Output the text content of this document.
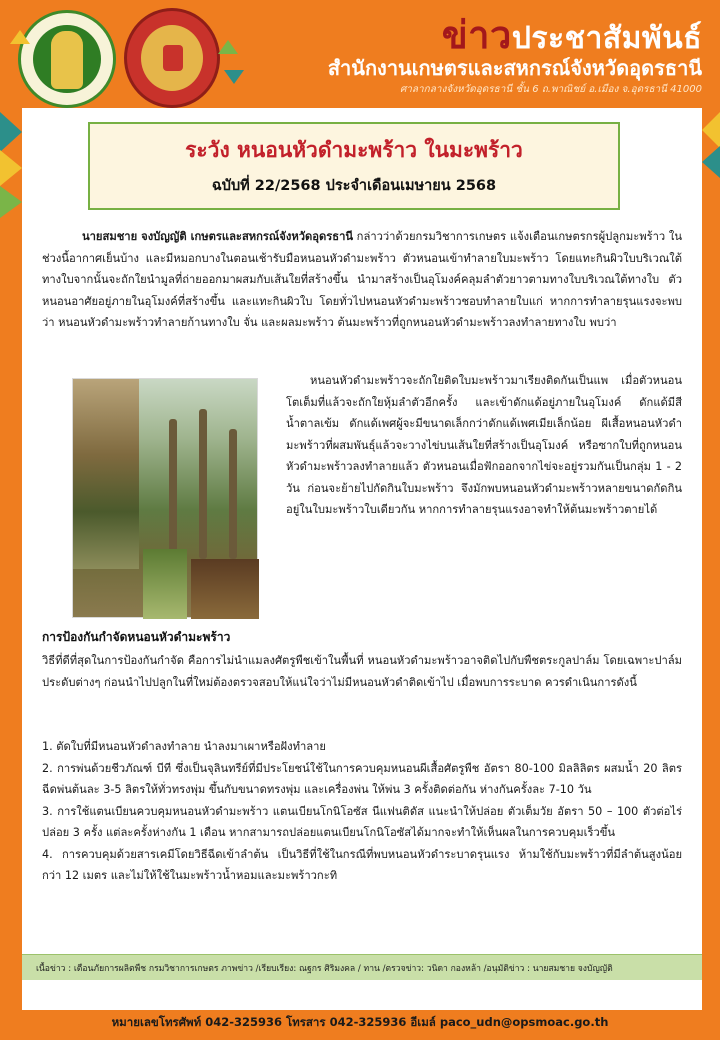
ข่าวประชาสัมพันธ์
สำนักงานเกษตรและสหกรณ์จังหวัดอุดรธานี
ศาลากลางจังหวัดอุดรธานี ชั้น 6 ถ.พาณิชย์ อ.เมือง จ.อุดรธานี 41000
ระวัง หนอนหัวดำมะพร้าว ในมะพร้าว
ฉบับที่ 22/2568 ประจำเดือนเมษายน 2568
นายสมชาย จงบัญญัติ เกษตรและสหกรณ์จังหวัดอุดรธานี กล่าวว่าด้วยกรมวิชาการเกษตร แจ้งเตือนเกษตรกรผู้ปลูกมะพร้าว ในช่วงนี้อากาศเย็นบ้าง และมีหมอกบางในตอนเช้ารับมือหนอนหัวดำมะพร้าว ตัวหนอนเข้าทำลายใบมะพร้าว โดยแทะกินผิวใบบริเวณใต้ทางใบจากนั้นจะถักใยนำมูลที่ถ่ายออกมาผสมกับเส้นใยที่สร้างขึ้น นำมาสร้างเป็นอุโมงค์คลุมลำตัวยาวตามทางใบบริเวณใต้ทางใบ ตัวหนอนอาศัยอยู่ภายในอุโมงค์ที่สร้างขึ้น และแทะกินผิวใบ โดยทั่วไปหนอนหัวดำมะพร้าวชอบทำลายใบแก่ หากการทำลายรุนแรงจะพบว่า หนอนหัวดำมะพร้าวทำลายก้านทางใบ จั่น และผลมะพร้าว ต้นมะพร้าวที่ถูกหนอนหัวดำมะพร้าวลงทำลายทางใบ พบว่า
หนอนหัวดำมะพร้าวจะถักใยติดใบมะพร้าวมาเรียงติดกันเป็นแพ เมื่อตัวหนอนโตเต็มที่แล้วจะถักใยหุ้มลำตัวอีกครั้ง และเข้าดักแด้อยู่ภายในอุโมงค์ ดักแด้มีสีน้ำตาลเข้ม ดักแด้เพศผู้จะมีขนาดเล็กกว่าดักแด้เพศเมียเล็กน้อย ผีเสื้อหนอนหัวดำมะพร้าวที่ผสมพันธุ์แล้วจะวางไข่บนเส้นใยที่สร้างเป็นอุโมงค์ หรือซากใบที่ถูกหนอนหัวดำมะพร้าวลงทำลายแล้ว ตัวหนอนเมื่อฟักออกจากไข่จะอยู่รวมกันเป็นกลุ่ม 1 - 2 วัน ก่อนจะย้ายไปกัดกินใบมะพร้าว จึงมักพบหนอนหัวดำมะพร้าวหลายขนาดกัดกินอยู่ในใบมะพร้าวใบเดียวกัน หากการทำลายรุนแรงอาจทำให้ต้นมะพร้าวตายได้
การป้องกันกำจัดหนอนหัวดำมะพร้าว
วิธีที่ดีที่สุดในการป้องกันกำจัด คือการไม่นำแมลงศัตรูพืชเข้าในพื้นที่ หนอนหัวดำมะพร้าวอาจติดไปกับพืชตระกูลปาล์ม โดยเฉพาะปาล์มประดับต่างๆ ก่อนนำไปปลูกในที่ใหม่ต้องตรวจสอบให้แน่ใจว่าไม่มีหนอนหัวดำติดเข้าไป เมื่อพบการระบาด ควรดำเนินการดังนี้
1. ตัดใบที่มีหนอนหัวดำลงทำลาย นำลงมาเผาหรือฝังทำลาย
2. การพ่นด้วยชีวภัณฑ์ บีที ซึ่งเป็นจุลินทรีย์ที่มีประโยชน์ใช้ในการควบคุมหนอนผีเสื้อศัตรูพืช อัตรา 80-100 มิลลิลิตร ผสมน้ำ 20 ลิตร ฉีดพ่นต้นละ 3-5 ลิตรให้ทั่วทรงพุ่ม ขึ้นกับขนาดทรงพุ่ม และเครื่องพ่น ให้พ่น 3 ครั้งติดต่อกัน ห่างกันครั้งละ 7-10 วัน
3. การใช้แตนเบียนควบคุมหนอนหัวดำมะพร้าว แตนเบียนโกนิโอซัส นีแฟนติดัส แนะนำให้ปล่อย ตัวเต็มวัย อัตรา 50 – 100 ตัวต่อไร่ ปล่อย 3 ครั้ง แต่ละครั้งห่างกัน 1 เดือน หากสามารถปล่อยแตนเบียนโกนิโอซัสได้มากจะทำให้เห็นผลในการควบคุมเร็วขึ้น
4. การควบคุมด้วยสารเคมีโดยวิธีฉีดเข้าลำต้น เป็นวิธีที่ใช้ในกรณีที่พบหนอนหัวดำระบาดรุนแรง ห้ามใช้กับมะพร้าวที่มีลำต้นสูงน้อยกว่า 12 เมตร และไม่ให้ใช้ในมะพร้าวน้ำหอมและมะพร้าวกะทิ
เนื้อข่าว : เตือนภัยการผลิตพืช กรมวิชาการเกษตร ภาพข่าว /เรียบเรียง: ณฐกร ศิริมงคล / ทาน /ตรวจข่าว: วนิดา กองหล้า /อนุมัติข่าว : นายสมชาย จงบัญญัติ
หมายเลขโทรศัพท์ 042-325936 โทรสาร 042-325936 อีเมล์ paco_udn@opsmoac.go.th
